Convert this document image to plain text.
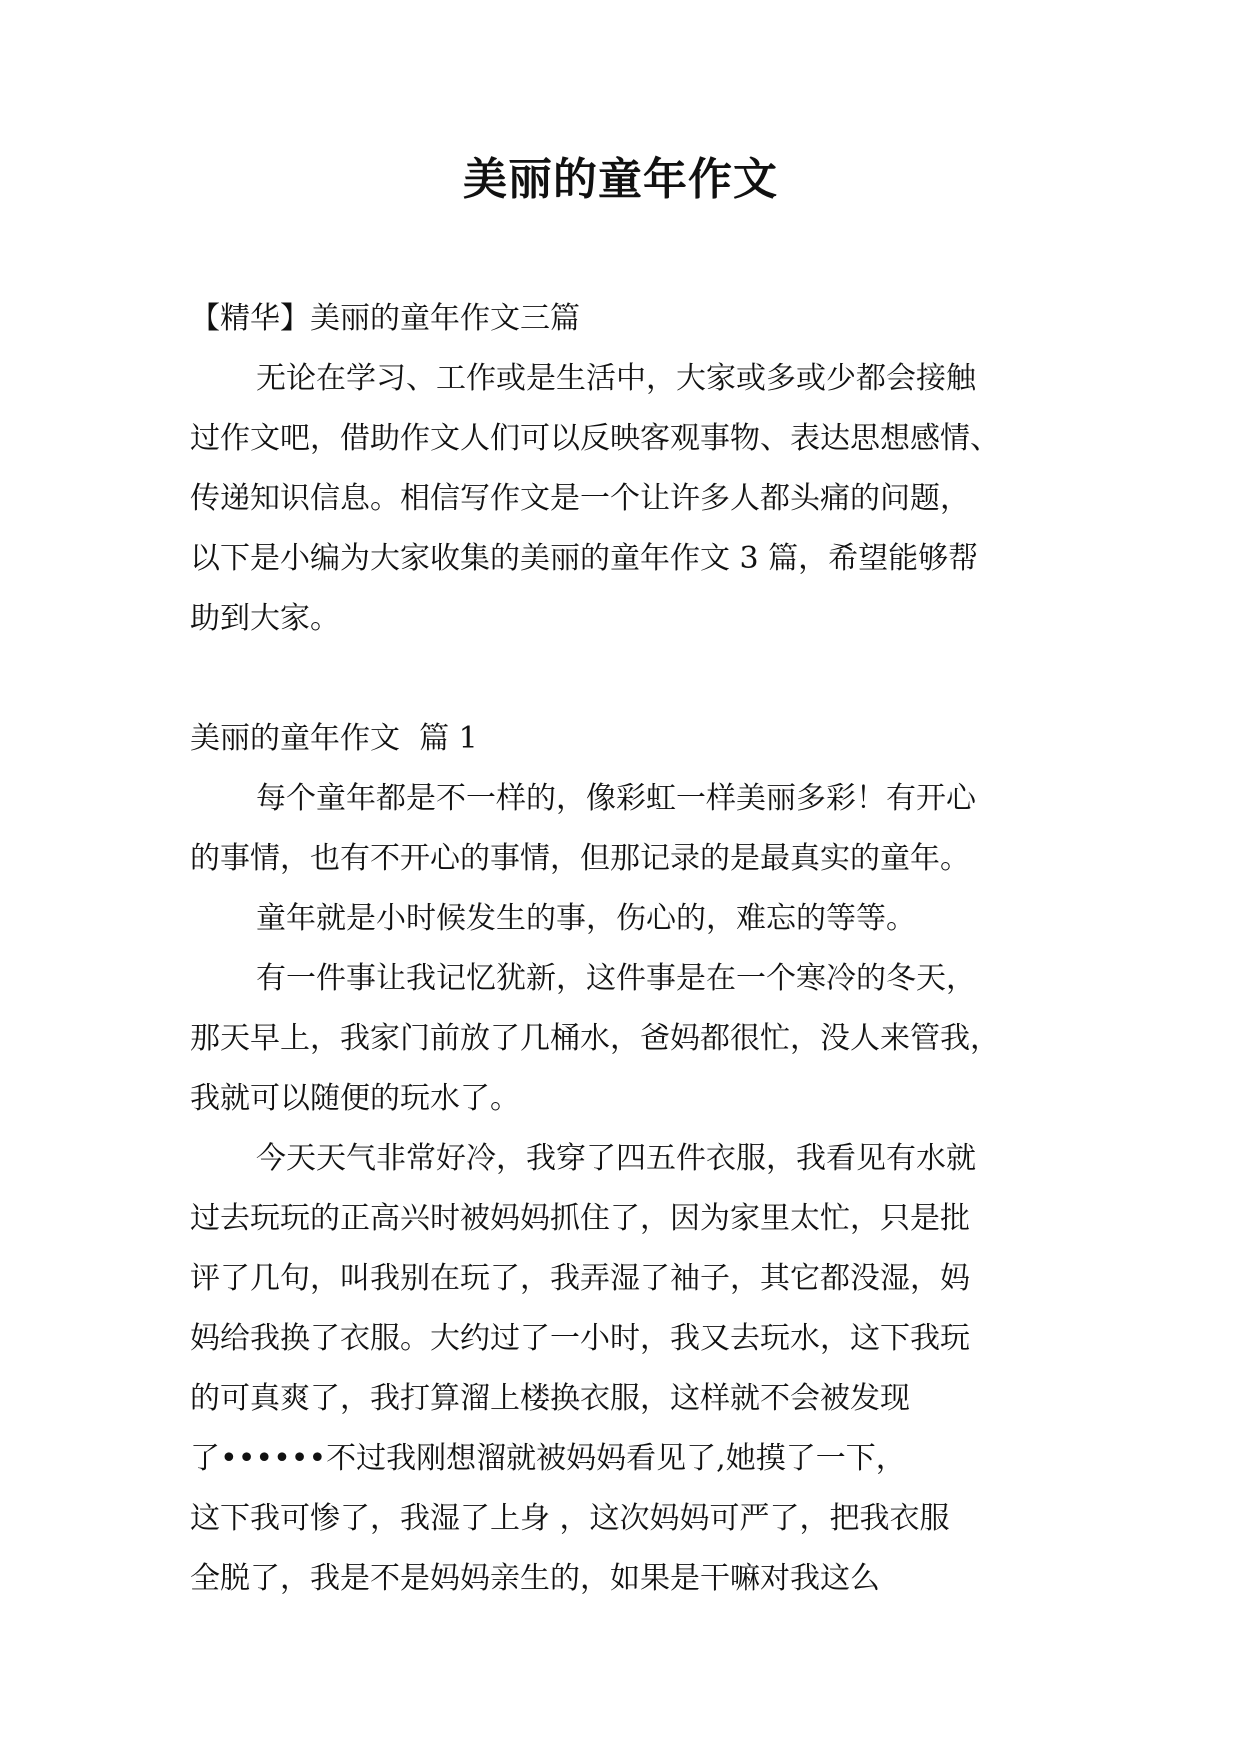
美丽的童年作文

【精华】美丽的童年作文三篇

无论在学习、工作或是生活中，大家或多或少都会接触

过作文吧，借助作文人们可以反映客观事物、表达思想感情、

传递知识信息。相信写作文是一个让许多人都头痛的问题，

以下是小编为大家收集的美丽的童年作文 3 篇，希望能够帮

助到大家。

美丽的童年作文  篇 1

每个童年都是不一样的，像彩虹一样美丽多彩！有开心

的事情，也有不开心的事情，但那记录的是最真实的童年。

童年就是小时候发生的事，伤心的，难忘的等等。

有一件事让我记忆犹新，这件事是在一个寒冷的冬天，

那天早上，我家门前放了几桶水，爸妈都很忙，没人来管我，

我就可以随便的玩水了。

今天天气非常好冷，我穿了四五件衣服，我看见有水就

过去玩玩的正高兴时被妈妈抓住了，因为家里太忙，只是批

评了几句，叫我别在玩了，我弄湿了袖子，其它都没湿，妈

妈给我换了衣服。大约过了一小时，我又去玩水，这下我玩

的可真爽了，我打算溜上楼换衣服，这样就不会被发现

了••••••不过我刚想溜就被妈妈看见了,她摸了一下，

这下我可惨了，我湿了上身 ，这次妈妈可严了，把我衣服

全脱了，我是不是妈妈亲生的，如果是干嘛对我这么
